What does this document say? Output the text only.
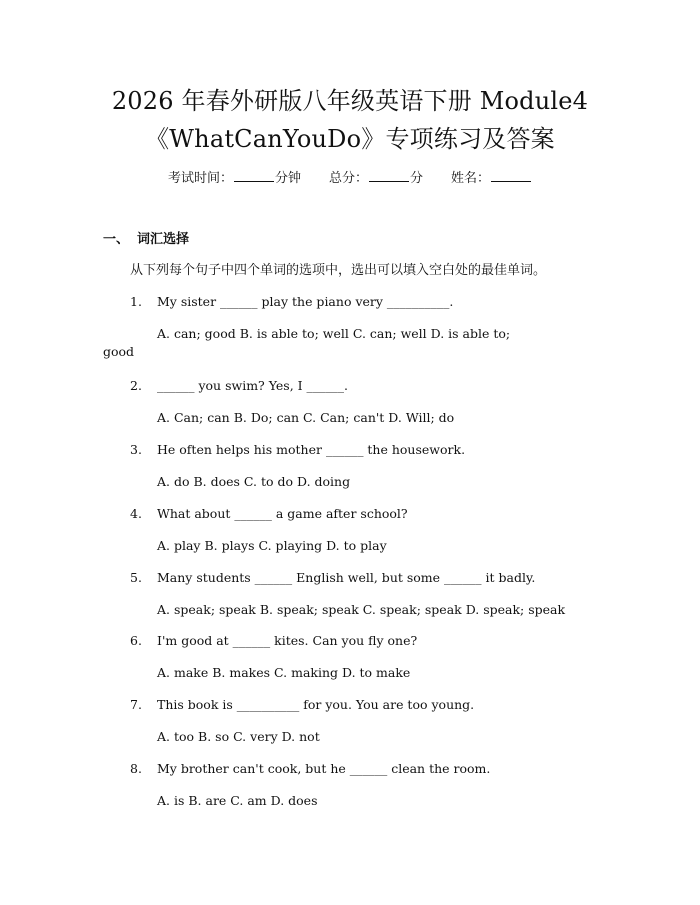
2026 年春外研版八年级英语下册 Module4
《WhatCanYouDo》专项练习及答案
考试时间：	分钟 总分：	分 姓名：
一、 词汇选择
从下列每个句子中四个单词的选项中，选出可以填入空白处的最佳单词。
1. My sister ______ play the piano very __________.
A. can; good B. is able to; well C. can; well D. is able to;
good
2. ______ you swim? Yes, I ______.
A. Can; can B. Do; can C. Can; can't D. Will; do
3. He often helps his mother ______ the housework.
A. do B. does C. to do D. doing
4. What about ______ a game after school?
A. play B. plays C. playing D. to play
5. Many students ______ English well, but some ______ it badly.
A. speak; speak B. speak; speak C. speak; speak D. speak; speak
6. I'm good at ______ kites. Can you fly one?
A. make B. makes C. making D. to make
7. This book is __________ for you. You are too young.
A. too B. so C. very D. not
8. My brother can't cook, but he ______ clean the room.
A. is B. are C. am D. does
